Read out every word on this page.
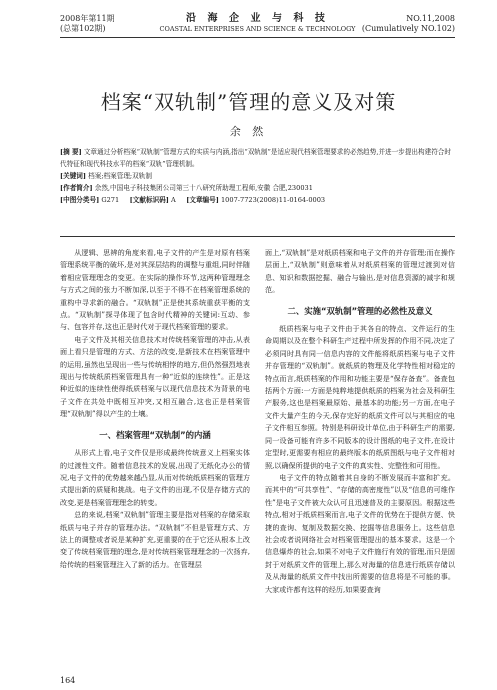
2008年第11期
(总第102期)
沿 海 企 业 与 科 技
COASTAL ENTERPRISES AND SCIENCE & TECHNOLOGY
NO.11,2008
(Cumulatively NO.102)
档案“双轨制”管理的意义及对策
余 然
[摘 要] 文章通过分析档案“双轨制”管理方式的实质与内涵,指出“双轨制”是适应现代档案管理要求的必然趋势,并进一步提出构建符合时代特征和现代科技水平的档案“双轨”管理机制。
[关键词] 档案;档案管理;双轨制
[作者简介] 余然,中国电子科技集团公司第三十八研究所助理工程师,安徽 合肥,230031
[中图分类号] G271 [文献标识码] A [文章编号] 1007-7723(2008)11-0164-0003

从逻辑、思辨的角度来看,电子文件的产生是对原有档案管理系统平衡的破坏,是对其深层结构的调整与重组,同时伴随着相应管理理念的变更。在实际的操作环节,这两种管理理念与方式之间的张力不断加深,以至于不得不在档案管理系统的重构中寻求新的融合。“双轨制”正是使其系统重获平衡的支点。“双轨制”探寻体现了包含时代精神的关键词:互动、参与、包容并存,这也正是时代对于现代档案管理的要求。

电子文件及其相关信息技术对传统档案管理的冲击,从表面上看只是管理的方式、方法的改变,是新技术在档案管理中的运用,虽然也呈现出一些与传统相悖的地方,但仍然强烈地表现出与传统纸质档案管理具有一种“近似的连续性”。正是这种近似的连续性使得纸质档案与以现代信息技术为背景的电子文件在共处中既相互冲突,又相互融合,这也正是档案管理“双轨制”得以产生的土壤。

一、档案管理“双轨制”的内涵

从形式上看,电子文件仅是形成最终传统意义上档案实体的过渡性文件。随着信息技术的发展,出现了无纸化办公的情况,电子文件的优势越来越凸显,从而对传统纸质档案的管理方式提出新的质疑和挑战。电子文件的出现,不仅是存储方式的改变,更是档案管理理念的转变。

总的来说,档案“双轨制”管理主要是指对档案的存储采取纸质与电子并存的管理办法。“双轨制”不但是管理方式、方法上的调整或者说是某种扩充,更重要的在于它还从根本上改变了传统档案管理的理念,是对传统档案管理理念的一次扬弃,给传统的档案管理注入了新的活力。在管理层

面上,“双轨制”是对纸质档案和电子文件的并存管理;而在操作层面上,“双轨制”则意味着从对纸质档案的管理过渡到对信息、知识和数据挖掘、融合与输出,是对信息资源的减字和规范。

二、实施“双轨制”管理的必然性及意义

纸质档案与电子文件由于其各自的特点、文件运行的生命周期以及在整个科研生产过程中所发挥的作用不同,决定了必须同时具有同一信息内容的文件能将纸质档案与电子文件并存管理的“双轨制”。就纸质的物理及化学特性相对稳定的特点而言,纸质档案的作用和功能主要是“保存备查”。备查包括两个方面:一方面是纯粹地提供纸质的档案为社会及科研生产服务,这也是档案最原始、最基本的功能;另一方面,在电子文件大量产生的今天,保存完好的纸质文件可以与其相应的电子文件相互参照。特别是科研设计单位,由于科研生产的需要,同一设备可能有许多不同版本的设计图纸的电子文件,在设计定型时,更需要有相应的最终版本的纸质图纸与电子文件相对照,以确保所提供的电子文件的真实性、完整性和可用性。

电子文件的特点随着其自身的不断发展而丰富和扩充。而其中的“可共享性”、“存储的高密度性”以及“信息的可维作性”是电子文件被大众认可且迅速普及的主要原因。根据这些特点,相对于纸质档案而言,电子文件的优势在于提供方便、快捷的查询、复制及数据交换、挖掘等信息服务上。这些信息社会或者说网络社会对档案管理提出的基本要求。这是一个信息爆炸的社会,如果不对电子文件施行有效的管理,而只是固封于对纸质文件的管理上,那么对海量的信息进行纸质存储以及从海量的纸质文件中找出所需要的信息将是不可能的事。大家或许都有这样的经历,如果要查询

164
